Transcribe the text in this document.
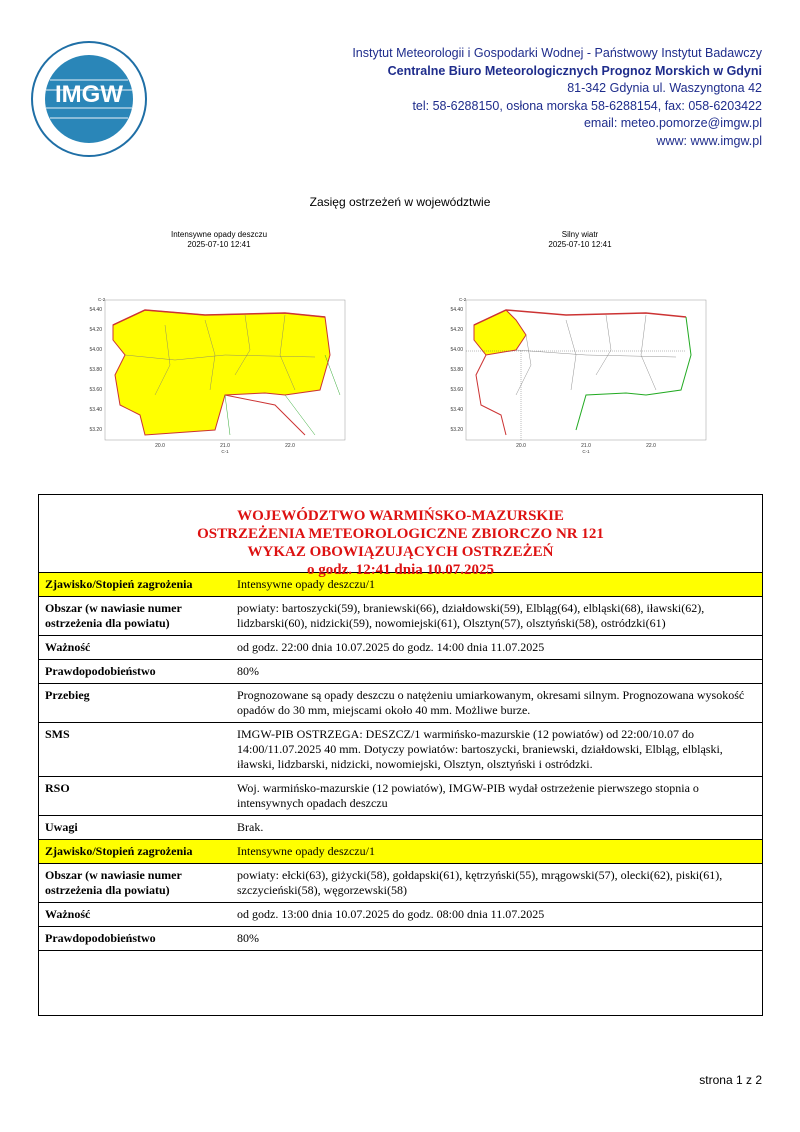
IMGW
Instytut Meteorologii i Gospodarki Wodnej - Państwowy Instytut Badawczy
Centralne Biuro Meteorologicznych Prognoz Morskich w Gdyni
81-342 Gdynia ul. Waszyngtona 42
tel: 58-6288150, osłona morska 58-6288154, fax: 058-6203422
email: meteo.pomorze@imgw.pl
www: www.imgw.pl
Zasięg ostrzeżeń w województwie
Intensywne opady deszczu
2025-07-10 12:41
54.40
54.20
54.00
53.80
53.60
53.40
53.20
C-2
20.0	21.0	22.0
C-1
Silny wiatr
2025-07-10 12:41
54.40
54.20
54.00
53.80
53.60
53.40
53.20
C-2
20.0	21.0	22.0
C-1
WOJEWÓDZTWO WARMIŃSKO-MAZURSKIE
OSTRZEŻENIA METEOROLOGICZNE ZBIORCZO NR 121
WYKAZ OBOWIĄZUJĄCYCH OSTRZEŻEŃ
o godz. 12:41 dnia 10.07.2025
Zjawisko/Stopień zagrożenia	Intensywne opady deszczu/1
Obszar (w nawiasie numer ostrzeżenia dla powiatu)	powiaty: bartoszycki(59), braniewski(66), działdowski(59), Elbląg(64), elbląski(68), iławski(62), lidzbarski(60), nidzicki(59), nowomiejski(61), Olsztyn(57), olsztyński(58), ostródzki(61)
Ważność	od godz. 22:00 dnia 10.07.2025 do godz. 14:00 dnia 11.07.2025
Prawdopodobieństwo	80%
Przebieg	Prognozowane są opady deszczu o natężeniu umiarkowanym, okresami silnym. Prognozowana wysokość opadów do 30 mm, miejscami około 40 mm. Możliwe burze.
SMS	IMGW-PIB OSTRZEGA: DESZCZ/1 warmińsko-mazurskie (12 powiatów) od 22:00/10.07 do 14:00/11.07.2025 40 mm. Dotyczy powiatów: bartoszycki, braniewski, działdowski, Elbląg, elbląski, iławski, lidzbarski, nidzicki, nowomiejski, Olsztyn, olsztyński i ostródzki.
RSO	Woj. warmińsko-mazurskie (12 powiatów), IMGW-PIB wydał ostrzeżenie pierwszego stopnia o intensywnych opadach deszczu
Uwagi	Brak.
Zjawisko/Stopień zagrożenia	Intensywne opady deszczu/1
Obszar (w nawiasie numer ostrzeżenia dla powiatu)	powiaty: ełcki(63), giżycki(58), gołdapski(61), kętrzyński(55), mrągowski(57), olecki(62), piski(61), szczycieński(58), węgorzewski(58)
Ważność	od godz. 13:00 dnia 10.07.2025 do godz. 08:00 dnia 11.07.2025
Prawdopodobieństwo	80%
strona 1 z 2
